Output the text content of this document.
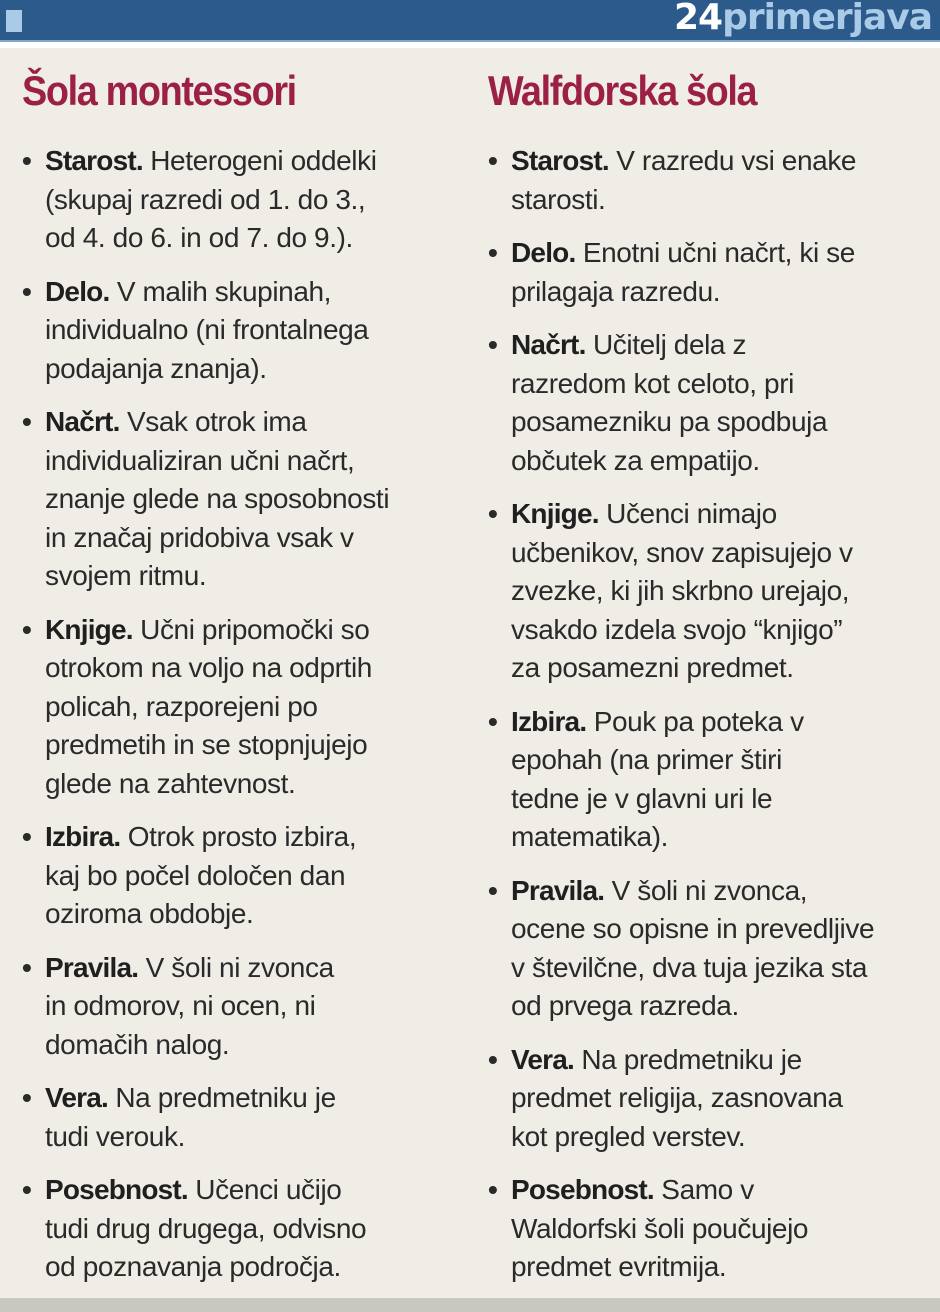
24primerjava
Šola montessori
• Starost. Heterogeni oddelki
(skupaj razredi od 1. do 3.,
od 4. do 6. in od 7. do 9.).
• Delo. V malih skupinah,
individualno (ni frontalnega
podajanja znanja).
• Načrt. Vsak otrok ima
individualiziran učni načrt,
znanje glede na sposobnosti
in značaj pridobiva vsak v
svojem ritmu.
• Knjige. Učni pripomočki so
otrokom na voljo na odprtih
policah, razporejeni po
predmetih in se stopnjujejo
glede na zahtevnost.
• Izbira. Otrok prosto izbira,
kaj bo počel določen dan
oziroma obdobje.
• Pravila. V šoli ni zvonca
in odmorov, ni ocen, ni
domačih nalog.
• Vera. Na predmetniku je
tudi verouk.
• Posebnost. Učenci učijo
tudi drug drugega, odvisno
od poznavanja področja.
Walfdorska šola
• Starost. V razredu vsi enake
starosti.
• Delo. Enotni učni načrt, ki se
prilagaja razredu.
• Načrt. Učitelj dela z
razredom kot celoto, pri
posamezniku pa spodbuja
občutek za empatijo.
• Knjige. Učenci nimajo
učbenikov, snov zapisujejo v
zvezke, ki jih skrbno urejajo,
vsakdo izdela svojo “knjigo”
za posamezni predmet.
• Izbira. Pouk pa poteka v
epohah (na primer štiri
tedne je v glavni uri le
matematika).
• Pravila. V šoli ni zvonca,
ocene so opisne in prevedljive
v številčne, dva tuja jezika sta
od prvega razreda.
• Vera. Na predmetniku je
predmet religija, zasnovana
kot pregled verstev.
• Posebnost. Samo v
Waldorfski šoli poučujejo
predmet evritmija.
